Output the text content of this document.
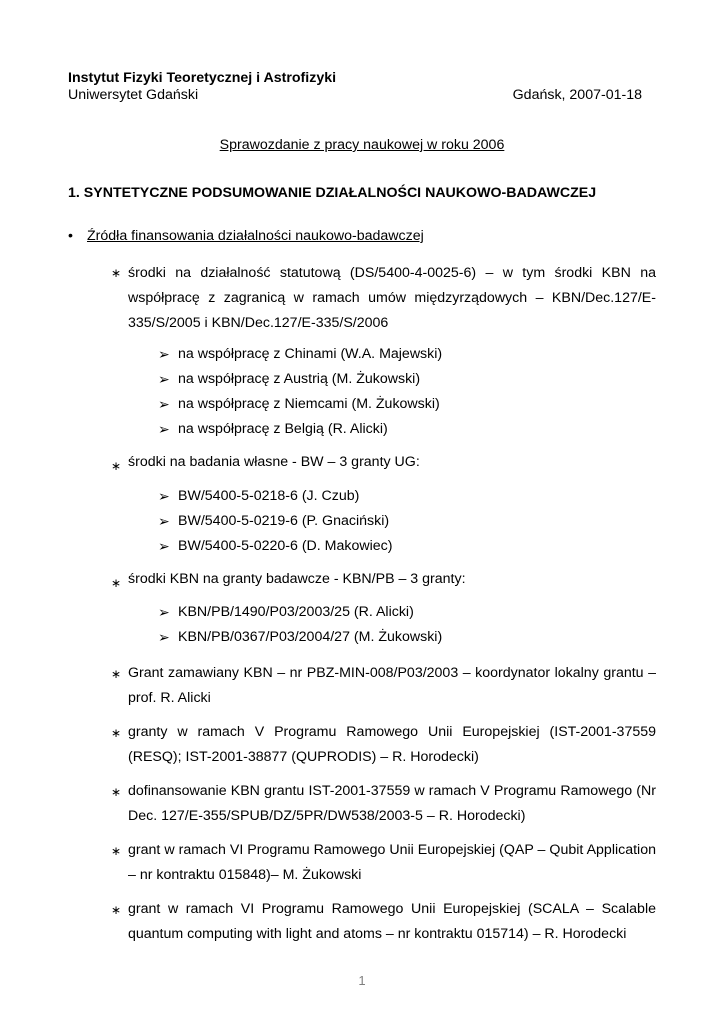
Instytut Fizyki Teoretycznej i Astrofizyki
Uniwersytet Gdański	Gdańsk, 2007-01-18
Sprawozdanie z pracy naukowej w roku 2006
1. SYNTETYCZNE PODSUMOWANIE DZIAŁALNOŚCI NAUKOWO-BADAWCZEJ
• Źródła finansowania działalności naukowo-badawczej
∗ środki na działalność statutową (DS/5400-4-0025-6) – w tym środki KBN na współpracę z zagranicą w ramach umów międzyrządowych – KBN/Dec.127/E-
335/S/2005 i KBN/Dec.127/E-335/S/2006
➢ na współpracę z Chinami (W.A. Majewski)
➢ na współpracę z Austrią (M. Żukowski)
➢ na współpracę z Niemcami (M. Żukowski)
➢ na współpracę z Belgią (R. Alicki)
∗ środki na badania własne - BW – 3 granty UG:
➢ BW/5400-5-0218-6 (J. Czub)
➢ BW/5400-5-0219-6 (P. Gnaciński)
➢ BW/5400-5-0220-6 (D. Makowiec)
∗ środki KBN na granty badawcze - KBN/PB – 3 granty:
➢ KBN/PB/1490/P03/2003/25 (R. Alicki)
➢ KBN/PB/0367/P03/2004/27 (M. Żukowski)
∗ Grant zamawiany KBN – nr PBZ-MIN-008/P03/2003 – koordynator lokalny grantu – prof. R. Alicki
∗ granty w ramach V Programu Ramowego Unii Europejskiej (IST-2001-37559 (RESQ); IST-2001-38877 (QUPRODIS) – R. Horodecki)
∗ dofinansowanie KBN grantu IST-2001-37559 w ramach V Programu Ramowego (Nr Dec. 127/E-355/SPUB/DZ/5PR/DW538/2003-5 – R. Horodecki)
∗ grant w ramach VI Programu Ramowego Unii Europejskiej (QAP – Qubit Application – nr kontraktu 015848)– M. Żukowski
∗ grant w ramach VI Programu Ramowego Unii Europejskiej (SCALA – Scalable quantum computing with light and atoms – nr kontraktu 015714) – R. Horodecki
1
